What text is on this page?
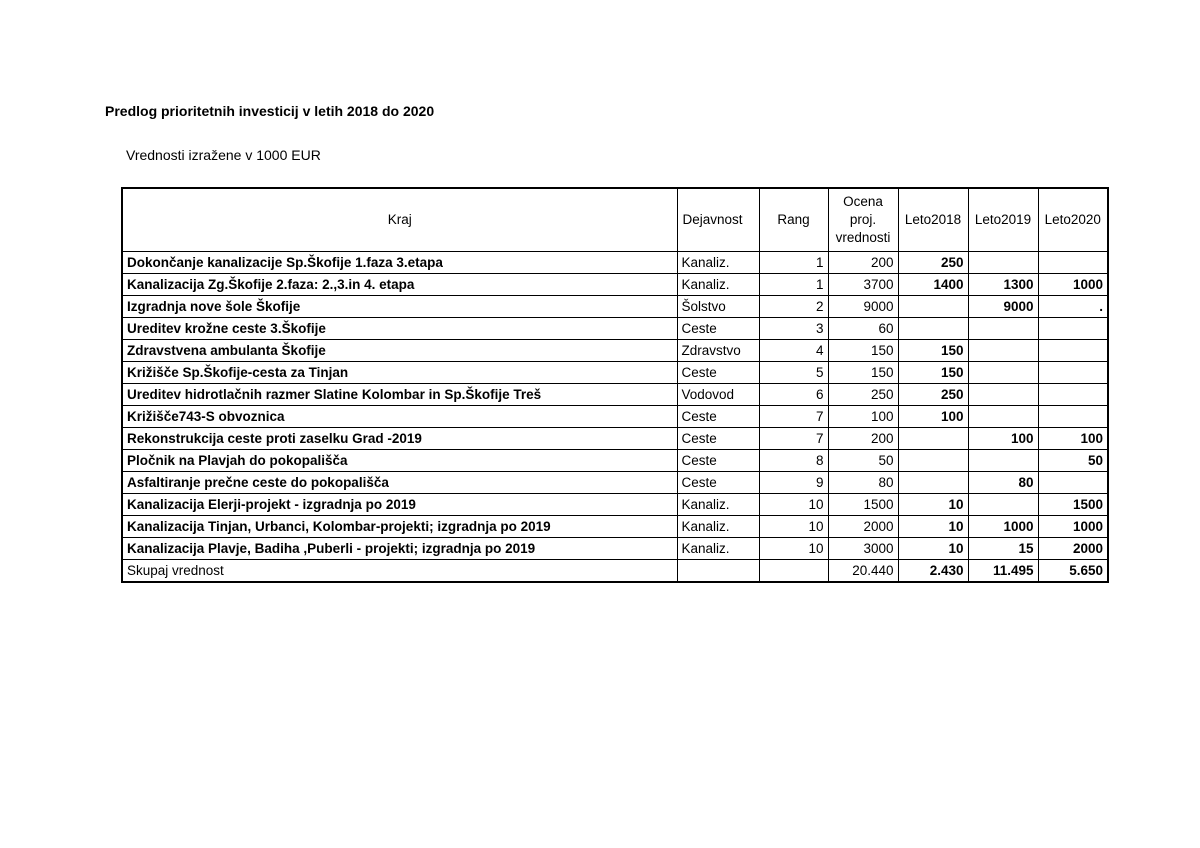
Predlog prioritetnih investicij v letih 2018 do 2020
Vrednosti izražene v 1000 EUR
Kraj	Dejavnost	Rang	Ocena proj. vrednosti	Leto2018	Leto2019	Leto2020
Dokončanje kanalizacije Sp.Škofije 1.faza 3.etapa	Kanaliz.	1	200	250		
Kanalizacija Zg.Škofije 2.faza: 2.,3.in 4. etapa	Kanaliz.	1	3700	1400	1300	1000
Izgradnja nove šole Škofije	Šolstvo	2	9000		9000	.
Ureditev krožne ceste 3.Škofije	Ceste	3	60			
Zdravstvena ambulanta Škofije	Zdravstvo	4	150	150		
Križišče Sp.Škofije-cesta za Tinjan	Ceste	5	150	150		
Ureditev hidrotlačnih razmer Slatine Kolombar in Sp.Škofije Treš	Vodovod	6	250	250		
Križišče743-S obvoznica	Ceste	7	100	100		
Rekonstrukcija ceste proti zaselku Grad -2019	Ceste	7	200		100	100
Pločnik na Plavjah do pokopališča	Ceste	8	50			50
Asfaltiranje prečne ceste do pokopališča	Ceste	9	80		80	
Kanalizacija Elerji-projekt - izgradnja po 2019	Kanaliz.	10	1500	10		1500
Kanalizacija Tinjan, Urbanci, Kolombar-projekti; izgradnja po 2019	Kanaliz.	10	2000	10	1000	1000
Kanalizacija Plavje, Badiha ,Puberli - projekti; izgradnja po 2019	Kanaliz.	10	3000	10	15	2000
Skupaj vrednost			20.440	2.430	11.495	5.650
